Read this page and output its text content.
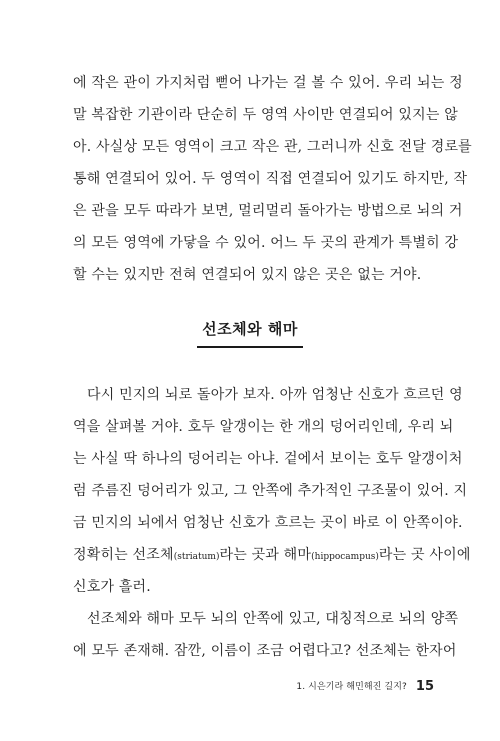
에 작은 관이 가지처럼 뻗어 나가는 걸 볼 수 있어. 우리 뇌는 정
말 복잡한 기관이라 단순히 두 영역 사이만 연결되어 있지는 않
아. 사실상 모든 영역이 크고 작은 관, 그러니까 신호 전달 경로를
통해 연결되어 있어. 두 영역이 직접 연결되어 있기도 하지만, 작
은 관을 모두 따라가 보면, 멀리멀리 돌아가는 방법으로 뇌의 거
의 모든 영역에 가닿을 수 있어. 어느 두 곳의 관계가 특별히 강
할 수는 있지만 전혀 연결되어 있지 않은 곳은 없는 거야.
선조체와 해마
다시 민지의 뇌로 돌아가 보자. 아까 엄청난 신호가 흐르던 영
역을 살펴볼 거야. 호두 알갱이는 한 개의 덩어리인데, 우리 뇌
는 사실 딱 하나의 덩어리는 아냐. 겉에서 보이는 호두 알갱이처
럼 주름진 덩어리가 있고, 그 안쪽에 추가적인 구조물이 있어. 지
금 민지의 뇌에서 엄청난 신호가 흐르는 곳이 바로 이 안쪽이야.
정확히는 선조체(striatum)라는 곳과 해마(hippocampus)라는 곳 사이에
신호가 흘러.
선조체와 해마 모두 뇌의 안쪽에 있고, 대칭적으로 뇌의 양쪽
에 모두 존재해. 잠깐, 이름이 조금 어렵다고? 선조체는 한자어
1. 시은기라 해민해진 길지? 15
